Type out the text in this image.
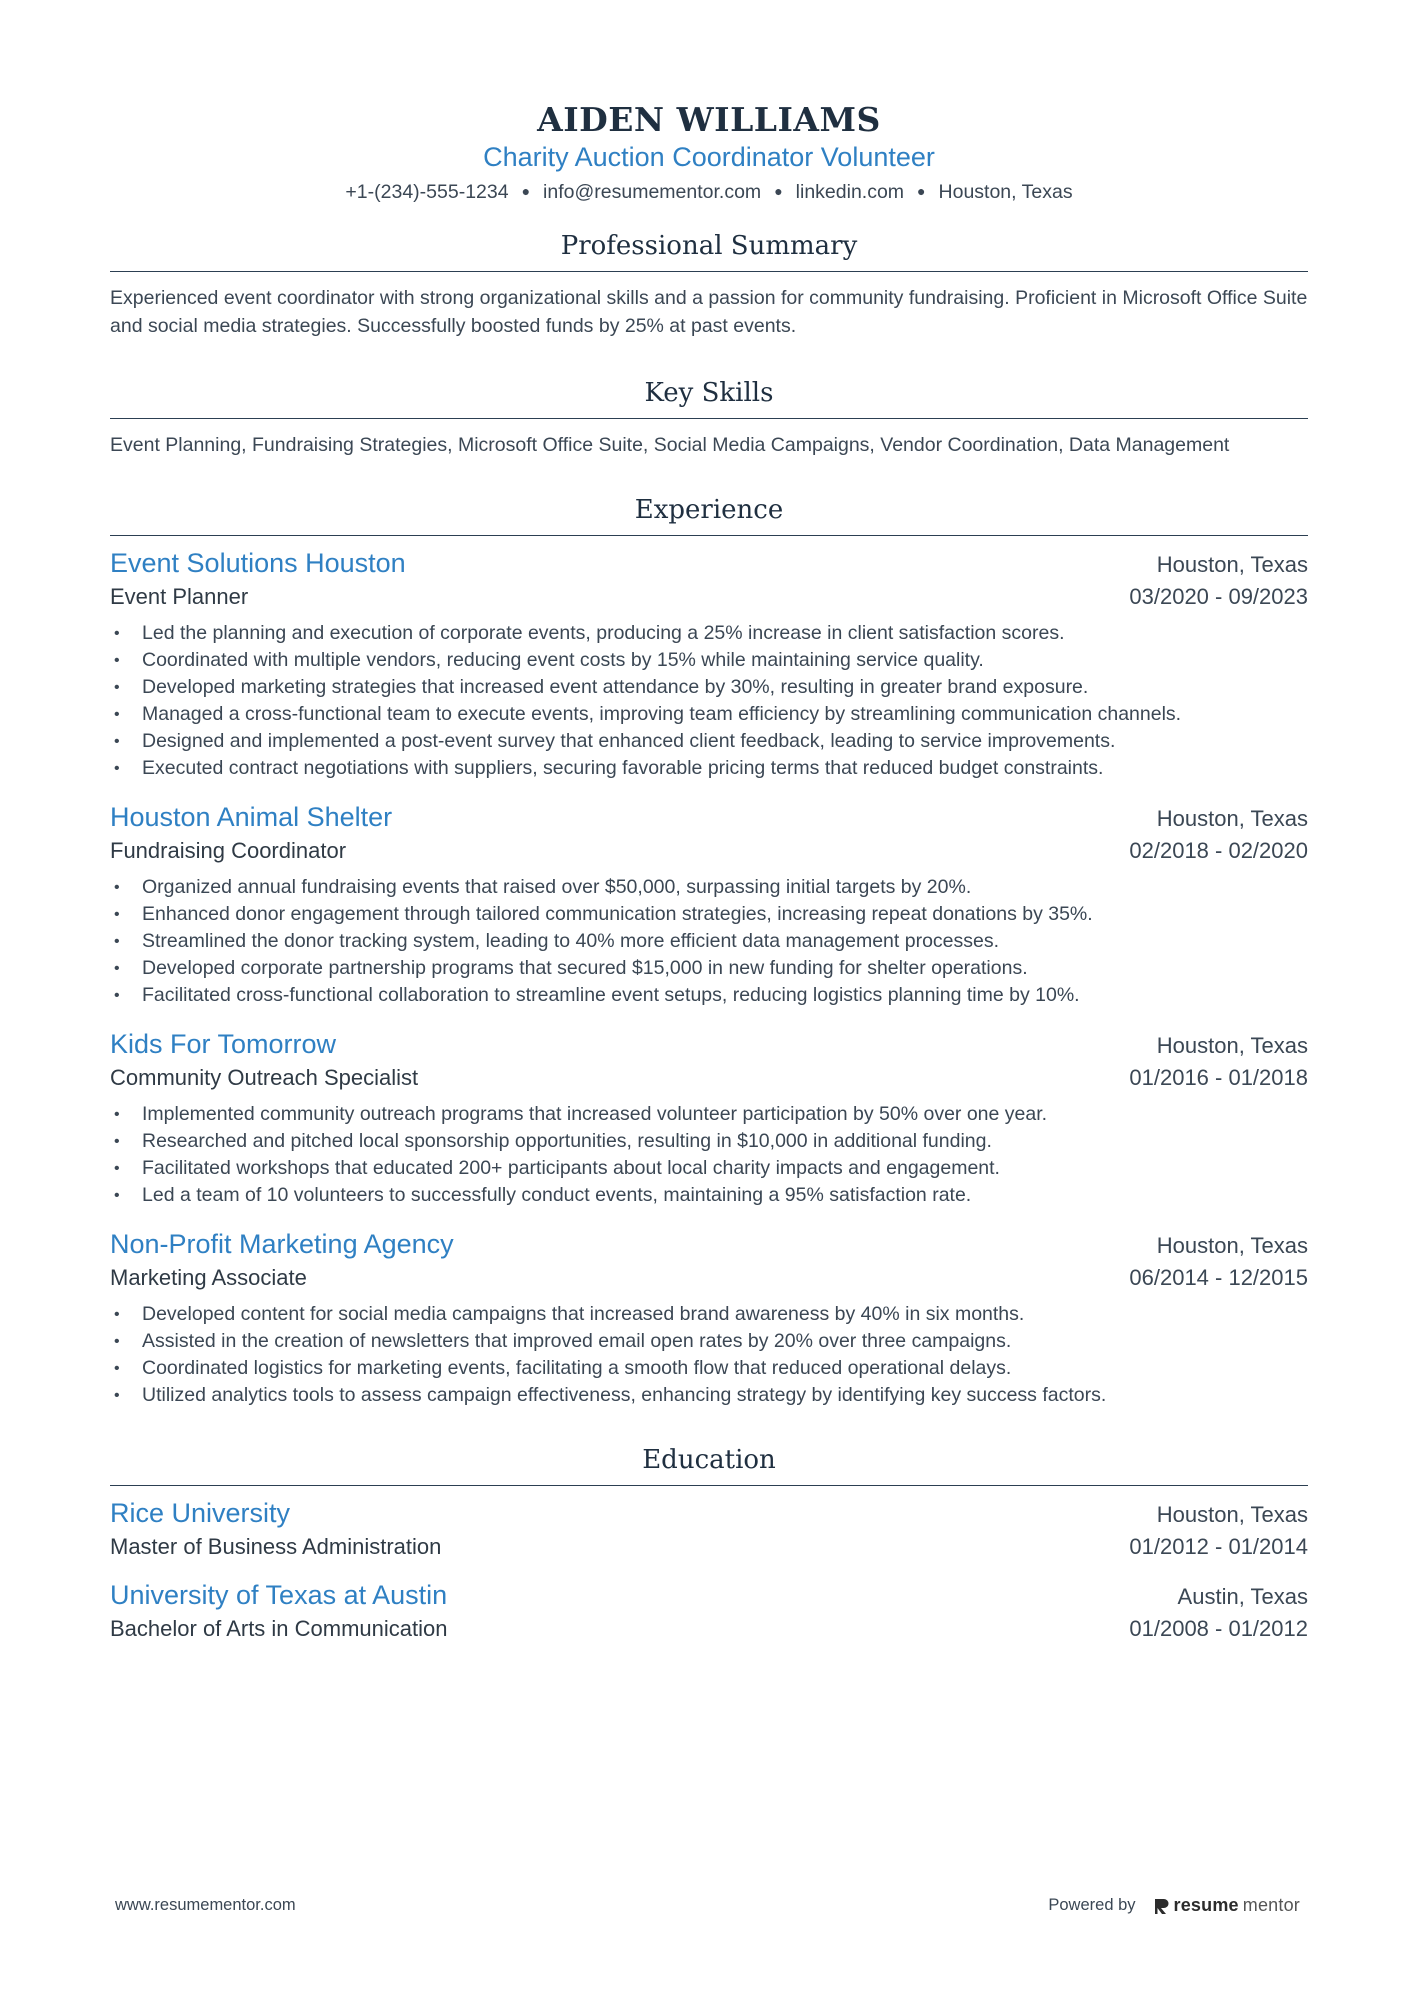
AIDEN WILLIAMS
Charity Auction Coordinator Volunteer
+1-(234)-555-1234 ● info@resumementor.com ● linkedin.com ● Houston, Texas
Professional Summary
Experienced event coordinator with strong organizational skills and a passion for community fundraising. Proficient in Microsoft Office Suite and social media strategies. Successfully boosted funds by 25% at past events.
Key Skills
Event Planning, Fundraising Strategies, Microsoft Office Suite, Social Media Campaigns, Vendor Coordination, Data Management
Experience
Event Solutions Houston	Houston, Texas
Event Planner	03/2020 - 09/2023
• Led the planning and execution of corporate events, producing a 25% increase in client satisfaction scores.
• Coordinated with multiple vendors, reducing event costs by 15% while maintaining service quality.
• Developed marketing strategies that increased event attendance by 30%, resulting in greater brand exposure.
• Managed a cross-functional team to execute events, improving team efficiency by streamlining communication channels.
• Designed and implemented a post-event survey that enhanced client feedback, leading to service improvements.
• Executed contract negotiations with suppliers, securing favorable pricing terms that reduced budget constraints.
Houston Animal Shelter	Houston, Texas
Fundraising Coordinator	02/2018 - 02/2020
• Organized annual fundraising events that raised over $50,000, surpassing initial targets by 20%.
• Enhanced donor engagement through tailored communication strategies, increasing repeat donations by 35%.
• Streamlined the donor tracking system, leading to 40% more efficient data management processes.
• Developed corporate partnership programs that secured $15,000 in new funding for shelter operations.
• Facilitated cross-functional collaboration to streamline event setups, reducing logistics planning time by 10%.
Kids For Tomorrow	Houston, Texas
Community Outreach Specialist	01/2016 - 01/2018
• Implemented community outreach programs that increased volunteer participation by 50% over one year.
• Researched and pitched local sponsorship opportunities, resulting in $10,000 in additional funding.
• Facilitated workshops that educated 200+ participants about local charity impacts and engagement.
• Led a team of 10 volunteers to successfully conduct events, maintaining a 95% satisfaction rate.
Non-Profit Marketing Agency	Houston, Texas
Marketing Associate	06/2014 - 12/2015
• Developed content for social media campaigns that increased brand awareness by 40% in six months.
• Assisted in the creation of newsletters that improved email open rates by 20% over three campaigns.
• Coordinated logistics for marketing events, facilitating a smooth flow that reduced operational delays.
• Utilized analytics tools to assess campaign effectiveness, enhancing strategy by identifying key success factors.
Education
Rice University	Houston, Texas
Master of Business Administration	01/2012 - 01/2014
University of Texas at Austin	Austin, Texas
Bachelor of Arts in Communication	01/2008 - 01/2012
www.resumementor.com	Powered by resume mentor
